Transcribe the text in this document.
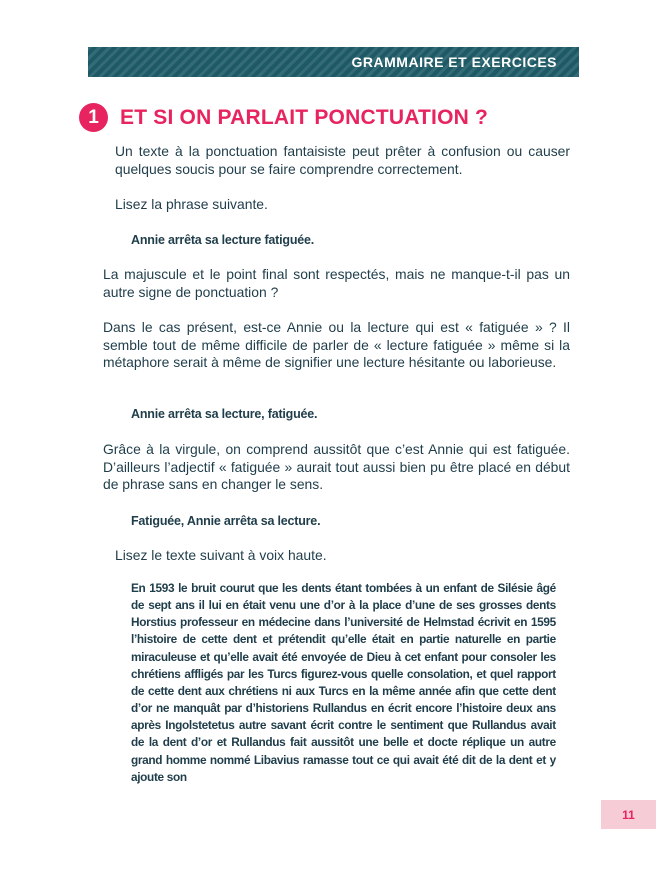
GRAMMAIRE ET EXERCICES
1	ET SI ON PARLAIT PONCTUATION ?

Un texte à la ponctuation fantaisiste peut prêter à confusion ou causer quelques soucis pour se faire comprendre correctement.

Lisez la phrase suivante.

Annie arrêta sa lecture fatiguée.

La majuscule et le point final sont respectés, mais ne manque-t-il pas un autre signe de ponctuation ?

Dans le cas présent, est-ce Annie ou la lecture qui est « fatiguée » ? Il semble tout de même difficile de parler de « lecture fatiguée » même si la métaphore serait à même de signifier une lecture hésitante ou laborieuse.

Annie arrêta sa lecture, fatiguée.

Grâce à la virgule, on comprend aussitôt que c’est Annie qui est fatiguée. D’ailleurs l’adjectif « fatiguée » aurait tout aussi bien pu être placé en début de phrase sans en changer le sens.

Fatiguée, Annie arrêta sa lecture.

Lisez le texte suivant à voix haute.

En 1593 le bruit courut que les dents étant tombées à un enfant de Silésie âgé de sept ans il lui en était venu une d’or à la place d’une de ses grosses dents Horstius professeur en médecine dans l’université de Helmstad écrivit en 1595 l’histoire de cette dent et prétendit qu’elle était en partie naturelle en partie miraculeuse et qu’elle avait été envoyée de Dieu à cet enfant pour consoler les chrétiens affligés par les Turcs figurez-vous quelle consolation, et quel rapport de cette dent aux chrétiens ni aux Turcs en la même année afin que cette dent d’or ne manquât par d’historiens Rullandus en écrit encore l’histoire deux ans après Ingolstetetus autre savant écrit contre le sentiment que Rullandus avait de la dent d’or et Rullandus fait aussitôt une belle et docte réplique un autre grand homme nommé Libavius ramasse tout ce qui avait été dit de la dent et y ajoute son

11
